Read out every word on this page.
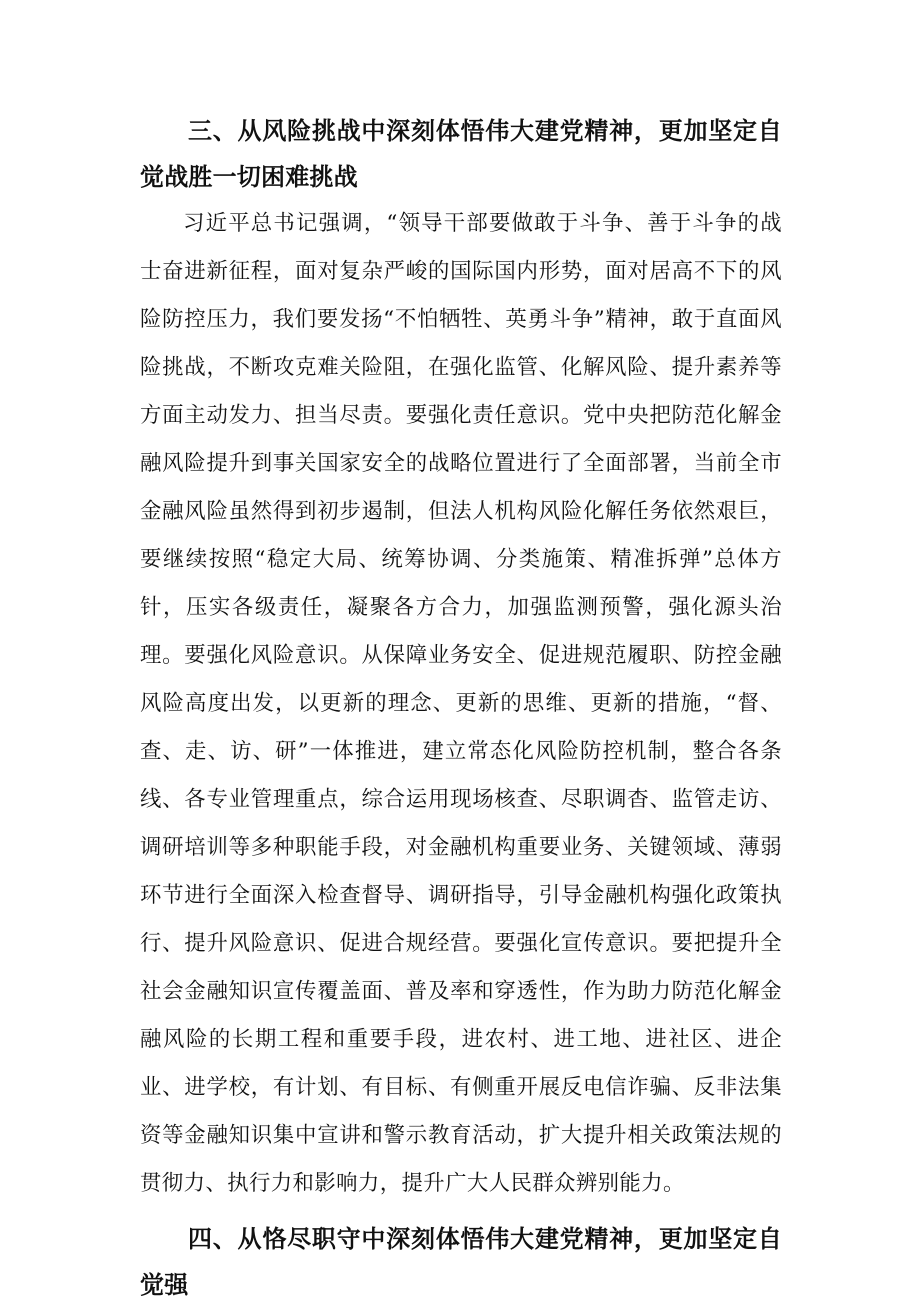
三、从风险挑战中深刻体悟伟大建党精神，更加坚定自觉战胜一切困难挑战

习近平总书记强调，“领导干部要做敢于斗争、善于斗争的战士奋进新征程，面对复杂严峻的国际国内形势，面对居高不下的风险防控压力，我们要发扬“不怕牺牲、英勇斗争”精神，敢于直面风险挑战，不断攻克难关险阻，在强化监管、化解风险、提升素养等方面主动发力、担当尽责。要强化责任意识。党中央把防范化解金融风险提升到事关国家安全的战略位置进行了全面部署，当前全市金融风险虽然得到初步遏制，但法人机构风险化解任务依然艰巨，要继续按照“稳定大局、统筹协调、分类施策、精准拆弹”总体方针，压实各级责任，凝聚各方合力，加强监测预警，强化源头治理。要强化风险意识。从保障业务安全、促进规范履职、防控金融风险高度出发，以更新的理念、更新的思维、更新的措施，“督、查、走、访、研”一体推进，建立常态化风险防控机制，整合各条线、各专业管理重点，综合运用现场核查、尽职调杳、监管走访、调研培训等多种职能手段，对金融机构重要业务、关键领域、薄弱环节进行全面深入检查督导、调研指导，引导金融机构强化政策执行、提升风险意识、促进合规经营。要强化宣传意识。要把提升全社会金融知识宣传覆盖面、普及率和穿透性，作为助力防范化解金融风险的长期工程和重要手段，进农村、进工地、进社区、进企业、进学校，有计划、有目标、有侧重开展反电信诈骗、反非法集资等金融知识集中宣讲和警示教育活动，扩大提升相关政策法规的贯彻力、执行力和影响力，提升广大人民群众辨别能力。

四、从恪尽职守中深刻体悟伟大建党精神，更加坚定自觉强
